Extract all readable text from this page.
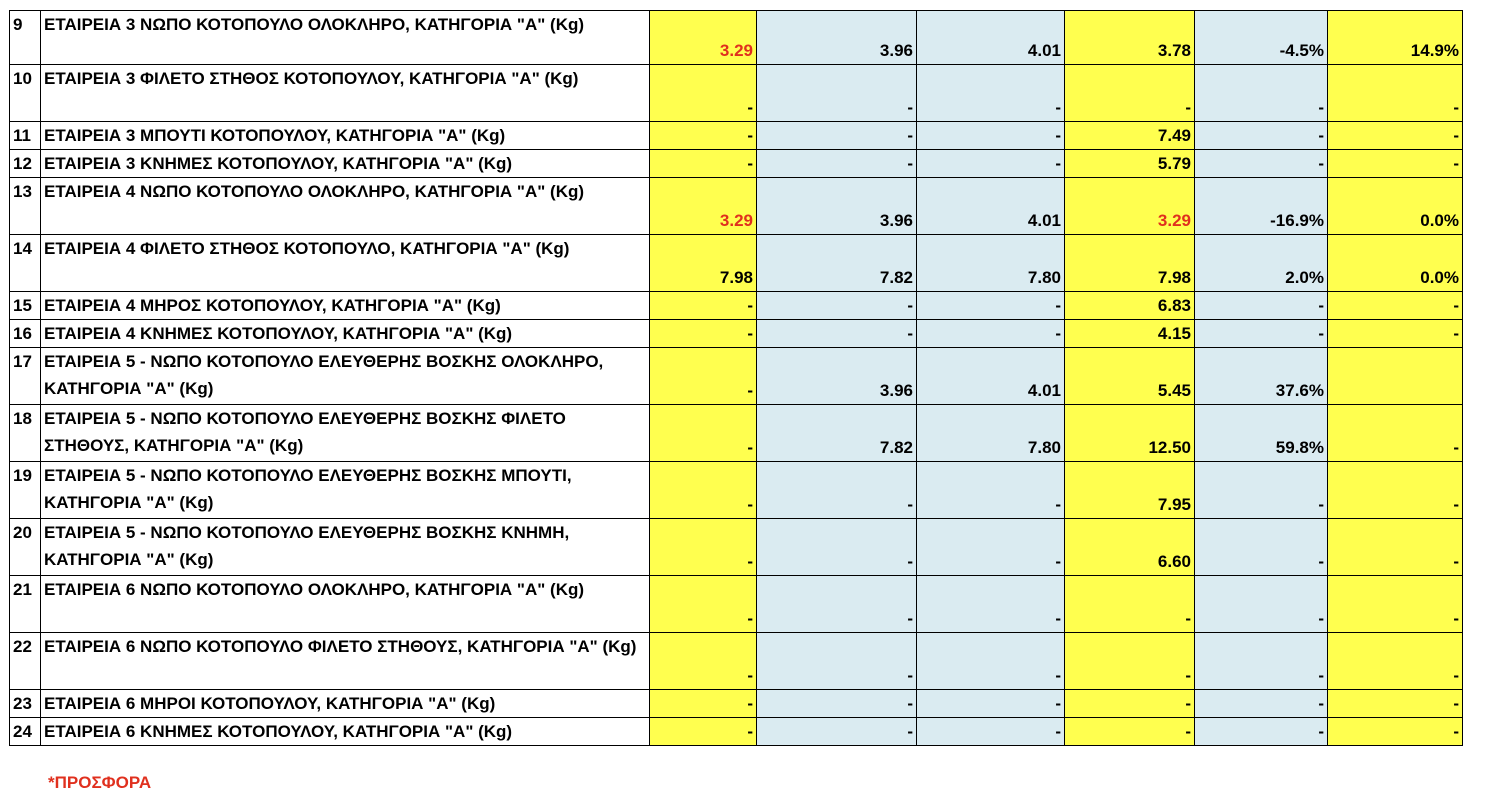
9	ΕΤΑΙΡΕΙΑ 3 ΝΩΠΟ ΚΟΤΟΠΟΥΛΟ ΟΛΟΚΛΗΡΟ, ΚΑΤΗΓΟΡΙΑ "Α" (Kg)	3.29	3.96	4.01	3.78	-4.5%	14.9%
10	ΕΤΑΙΡΕΙΑ 3 ΦΙΛΕΤΟ ΣΤΗΘΟΣ ΚΟΤΟΠΟΥΛΟΥ, ΚΑΤΗΓΟΡΙΑ "Α" (Kg)	-	-	-	-	-	-
11	ΕΤΑΙΡΕΙΑ 3 ΜΠΟΥΤΙ ΚΟΤΟΠΟΥΛΟΥ, ΚΑΤΗΓΟΡΙΑ "Α" (Kg)	-	-	-	7.49	-	-
12	ΕΤΑΙΡΕΙΑ 3 ΚΝΗΜΕΣ ΚΟΤΟΠΟΥΛΟΥ, ΚΑΤΗΓΟΡΙΑ "Α" (Kg)	-	-	-	5.79	-	-
13	ΕΤΑΙΡΕΙΑ 4 ΝΩΠΟ ΚΟΤΟΠΟΥΛΟ ΟΛΟΚΛΗΡΟ, ΚΑΤΗΓΟΡΙΑ "Α" (Kg)	3.29	3.96	4.01	3.29	-16.9%	0.0%
14	ΕΤΑΙΡΕΙΑ 4 ΦΙΛΕΤΟ ΣΤΗΘΟΣ ΚΟΤΟΠΟΥΛΟ, ΚΑΤΗΓΟΡΙΑ "Α" (Kg)	7.98	7.82	7.80	7.98	2.0%	0.0%
15	ΕΤΑΙΡΕΙΑ 4 ΜΗΡΟΣ ΚΟΤΟΠΟΥΛΟΥ, ΚΑΤΗΓΟΡΙΑ "Α" (Kg)	-	-	-	6.83	-	-
16	ΕΤΑΙΡΕΙΑ 4 ΚΝΗΜΕΣ ΚΟΤΟΠΟΥΛΟΥ, ΚΑΤΗΓΟΡΙΑ "Α" (Kg)	-	-	-	4.15	-	-
17	ΕΤΑΙΡΕΙΑ 5 - ΝΩΠΟ ΚΟΤΟΠΟΥΛΟ ΕΛΕΥΘΕΡΗΣ ΒΟΣΚΗΣ ΟΛΟΚΛΗΡΟ, ΚΑΤΗΓΟΡΙΑ "Α" (Kg)	-	3.96	4.01	5.45	37.6%	
18	ΕΤΑΙΡΕΙΑ 5 - ΝΩΠΟ ΚΟΤΟΠΟΥΛΟ ΕΛΕΥΘΕΡΗΣ ΒΟΣΚΗΣ ΦΙΛΕΤΟ ΣΤΗΘΟΥΣ, ΚΑΤΗΓΟΡΙΑ "Α" (Kg)	-	7.82	7.80	12.50	59.8%	-
19	ΕΤΑΙΡΕΙΑ 5 - ΝΩΠΟ ΚΟΤΟΠΟΥΛΟ ΕΛΕΥΘΕΡΗΣ ΒΟΣΚΗΣ ΜΠΟΥΤΙ, ΚΑΤΗΓΟΡΙΑ "Α" (Kg)	-	-	-	7.95	-	-
20	ΕΤΑΙΡΕΙΑ 5 - ΝΩΠΟ ΚΟΤΟΠΟΥΛΟ ΕΛΕΥΘΕΡΗΣ ΒΟΣΚΗΣ ΚΝΗΜΗ, ΚΑΤΗΓΟΡΙΑ "Α" (Kg)	-	-	-	6.60	-	-
21	ΕΤΑΙΡΕΙΑ 6 ΝΩΠΟ ΚΟΤΟΠΟΥΛΟ ΟΛΟΚΛΗΡΟ, ΚΑΤΗΓΟΡΙΑ "Α" (Kg)	-	-	-	-	-	-
22	ΕΤΑΙΡΕΙΑ 6 ΝΩΠΟ ΚΟΤΟΠΟΥΛΟ ΦΙΛΕΤΟ ΣΤΗΘΟΥΣ, ΚΑΤΗΓΟΡΙΑ "Α" (Kg)	-	-	-	-	-	-
23	ΕΤΑΙΡΕΙΑ 6 ΜΗΡΟΙ ΚΟΤΟΠΟΥΛΟΥ, ΚΑΤΗΓΟΡΙΑ "Α" (Kg)	-	-	-	-	-	-
24	ΕΤΑΙΡΕΙΑ 6 ΚΝΗΜΕΣ ΚΟΤΟΠΟΥΛΟΥ, ΚΑΤΗΓΟΡΙΑ "Α" (Kg)	-	-	-	-	-	-
*ΠΡΟΣΦΟΡΑ
